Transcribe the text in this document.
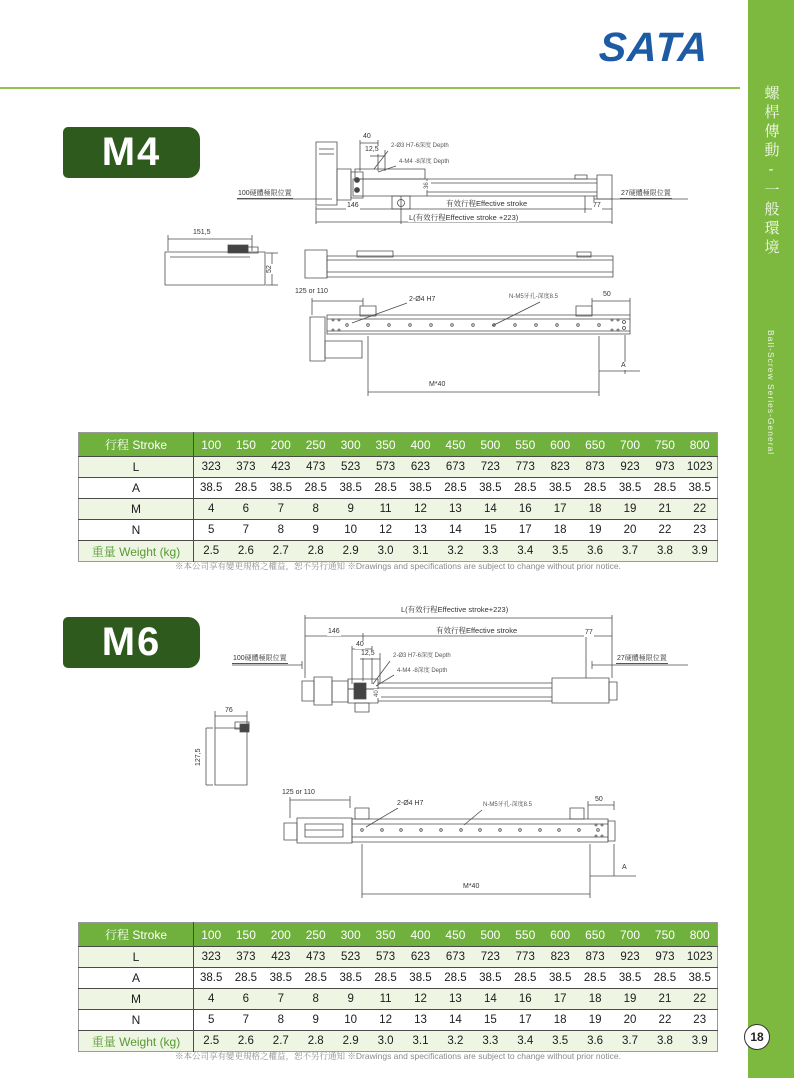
SATA
螺桿傳動-一般環境
Ball-Screw Series-General
18
M4
M6
40
12,5 2-Ø3 H7-6深度 Depth
4-M4 -8深度 Depth
100硬體極限位置	27硬體極限位置
146	有效行程Effective stroke	77
L(有效行程Effective stroke +223)
36
151,5
52
125 or 110
2-Ø4 H7	N-M5牙孔-深度8.5	50
M*40
A
L(有效行程Effective stroke+223)
146	有效行程Effective stroke	77
40
12,5	2-Ø3 H7-6深度 Depth
4-M4 -8深度 Depth
100硬體極限位置	27硬體極限位置
40
76
127,5
125 or 110
2-Ø4 H7	N-M5牙孔-深度8.5
50
M*40
A
行程 Stroke	100	150	200	250	300	350	400	450	500	550	600	650	700	750	800
L	323	373	423	473	523	573	623	673	723	773	823	873	923	973	1023
A	38.5	28.5	38.5	28.5	38.5	28.5	38.5	28.5	38.5	28.5	38.5	28.5	38.5	28.5	38.5
M	4	6	7	8	9	11	12	13	14	16	17	18	19	21	22
N	5	7	8	9	10	12	13	14	15	17	18	19	20	22	23
重量 Weight (kg)	2.5	2.6	2.7	2.8	2.9	3.0	3.1	3.2	3.3	3.4	3.5	3.6	3.7	3.8	3.9
行程 Stroke	100	150	200	250	300	350	400	450	500	550	600	650	700	750	800
L	323	373	423	473	523	573	623	673	723	773	823	873	923	973	1023
A	38.5	28.5	38.5	28.5	38.5	28.5	38.5	28.5	38.5	28.5	38.5	28.5	38.5	28.5	38.5
M	4	6	7	8	9	11	12	13	14	16	17	18	19	21	22
N	5	7	8	9	10	12	13	14	15	17	18	19	20	22	23
重量 Weight (kg)	2.5	2.6	2.7	2.8	2.9	3.0	3.1	3.2	3.3	3.4	3.5	3.6	3.7	3.8	3.9
※本公司享有變更規格之權益，恕不另行通知 ※Drawings and specifications are subject to change without prior notice.
※本公司享有變更規格之權益，恕不另行通知 ※Drawings and specifications are subject to change without prior notice.
